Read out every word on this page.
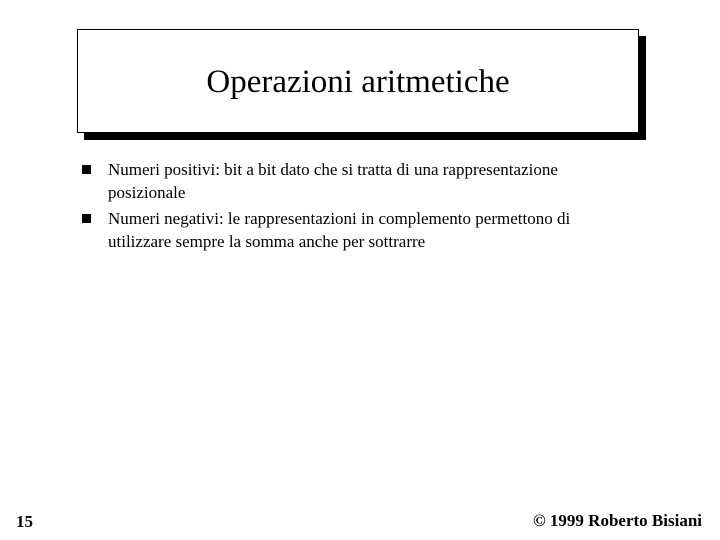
Operazioni aritmetiche
Numeri positivi: bit a bit dato che si tratta di una rappresentazione posizionale
Numeri negativi: le rappresentazioni in complemento permettono di utilizzare sempre la somma anche per sottrarre
15	© 1999 Roberto Bisiani
